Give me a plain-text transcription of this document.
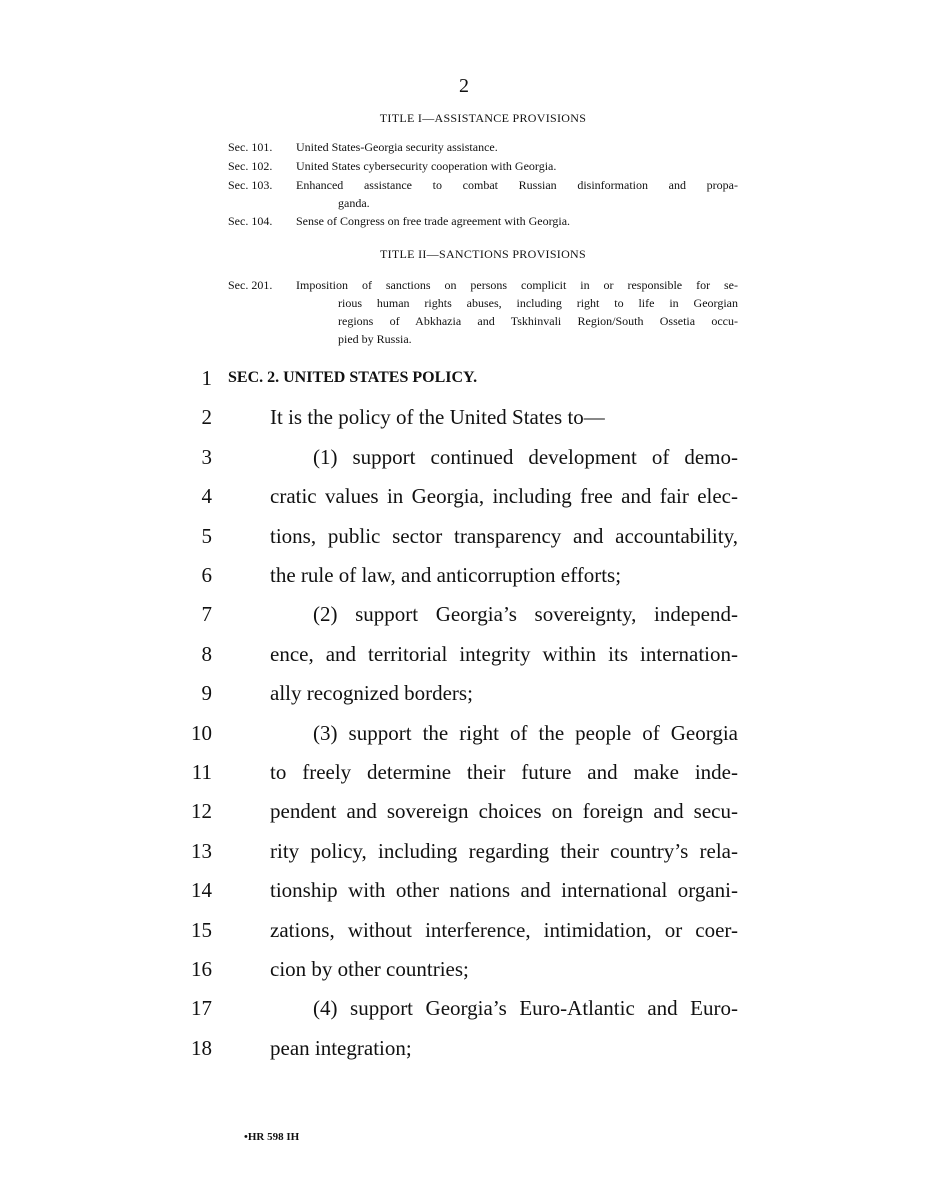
2
TITLE I—ASSISTANCE PROVISIONS
Sec. 101. United States-Georgia security assistance.
Sec. 102. United States cybersecurity cooperation with Georgia.
Sec. 103. Enhanced assistance to combat Russian disinformation and propa-
ganda.
Sec. 104. Sense of Congress on free trade agreement with Georgia.
TITLE II—SANCTIONS PROVISIONS
Sec. 201. Imposition of sanctions on persons complicit in or responsible for se-
rious human rights abuses, including right to life in Georgian
regions of Abkhazia and Tskhinvali Region/South Ossetia occu-
pied by Russia.
1
2
3
4
5
6
7
8
9
10
11
12
13
14
15
16
17
18
SEC. 2. UNITED STATES POLICY.
It is the policy of the United States to—
(1) support continued development of demo-
cratic values in Georgia, including free and fair elec-
tions, public sector transparency and accountability,
the rule of law, and anticorruption efforts;
(2) support Georgia’s sovereignty, independ-
ence, and territorial integrity within its internation-
ally recognized borders;
(3) support the right of the people of Georgia
to freely determine their future and make inde-
pendent and sovereign choices on foreign and secu-
rity policy, including regarding their country’s rela-
tionship with other nations and international organi-
zations, without interference, intimidation, or coer-
cion by other countries;
(4) support Georgia’s Euro-Atlantic and Euro-
pean integration;
•HR 598 IH
